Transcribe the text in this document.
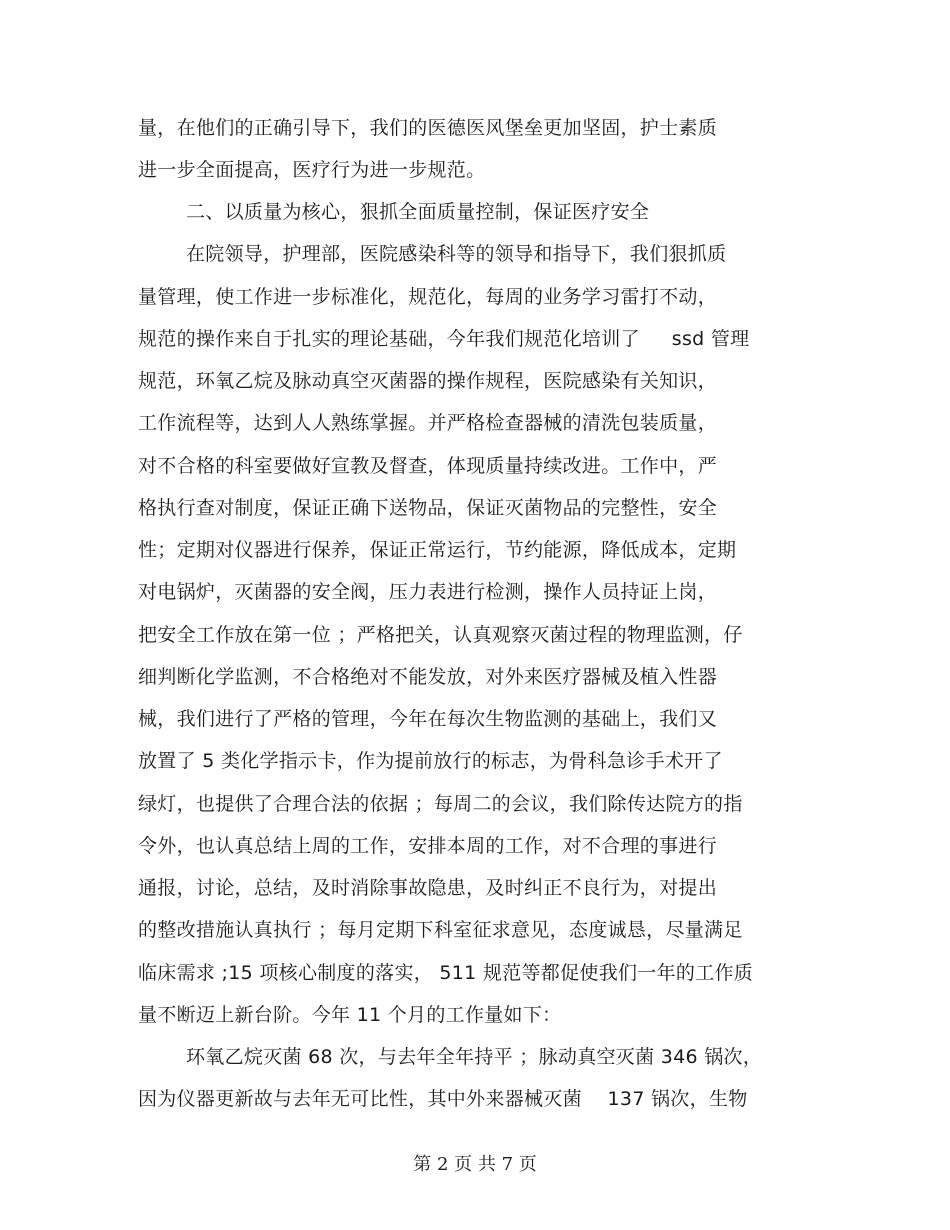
量，在他们的正确引导下，我们的医德医风堡垒更加坚固，护士素质
进一步全面提高，医疗行为进一步规范。
二、以质量为核心，狠抓全面质量控制，保证医疗安全
在院领导，护理部，医院感染科等的领导和指导下，我们狠抓质
量管理，使工作进一步标准化，规范化，每周的业务学习雷打不动，
规范的操作来自于扎实的理论基础，今年我们规范化培训了　  ssd 管理
规范，环氧乙烷及脉动真空灭菌器的操作规程，医院感染有关知识，
工作流程等，达到人人熟练掌握。并严格检查器械的清洗包装质量，
对不合格的科室要做好宣教及督查，体现质量持续改进。工作中，严
格执行查对制度，保证正确下送物品，保证灭菌物品的完整性，安全
性；定期对仪器进行保养，保证正常运行，节约能源，降低成本，定期
对电锅炉，灭菌器的安全阀，压力表进行检测，操作人员持证上岗，
把安全工作放在第一位 ；严格把关，认真观察灭菌过程的物理监测，仔
细判断化学监测，不合格绝对不能发放，对外来医疗器械及植入性器
械，我们进行了严格的管理，今年在每次生物监测的基础上，我们又
放置了 5 类化学指示卡，作为提前放行的标志，为骨科急诊手术开了
绿灯，也提供了合理合法的依据 ；每周二的会议，我们除传达院方的指
令外，也认真总结上周的工作，安排本周的工作，对不合理的事进行
通报，讨论，总结，及时消除事故隐患，及时纠正不良行为，对提出
的整改措施认真执行 ；每月定期下科室征求意见，态度诚恳，尽量满足
临床需求 ;15 项核心制度的落实， 511 规范等都促使我们一年的工作质
量不断迈上新台阶。今年 11 个月的工作量如下：
环氧乙烷灭菌 68 次，与去年全年持平 ；脉动真空灭菌 346 锅次，
因为仪器更新故与去年无可比性，其中外来器械灭菌　 137 锅次，生物
第 2 页 共 7 页
